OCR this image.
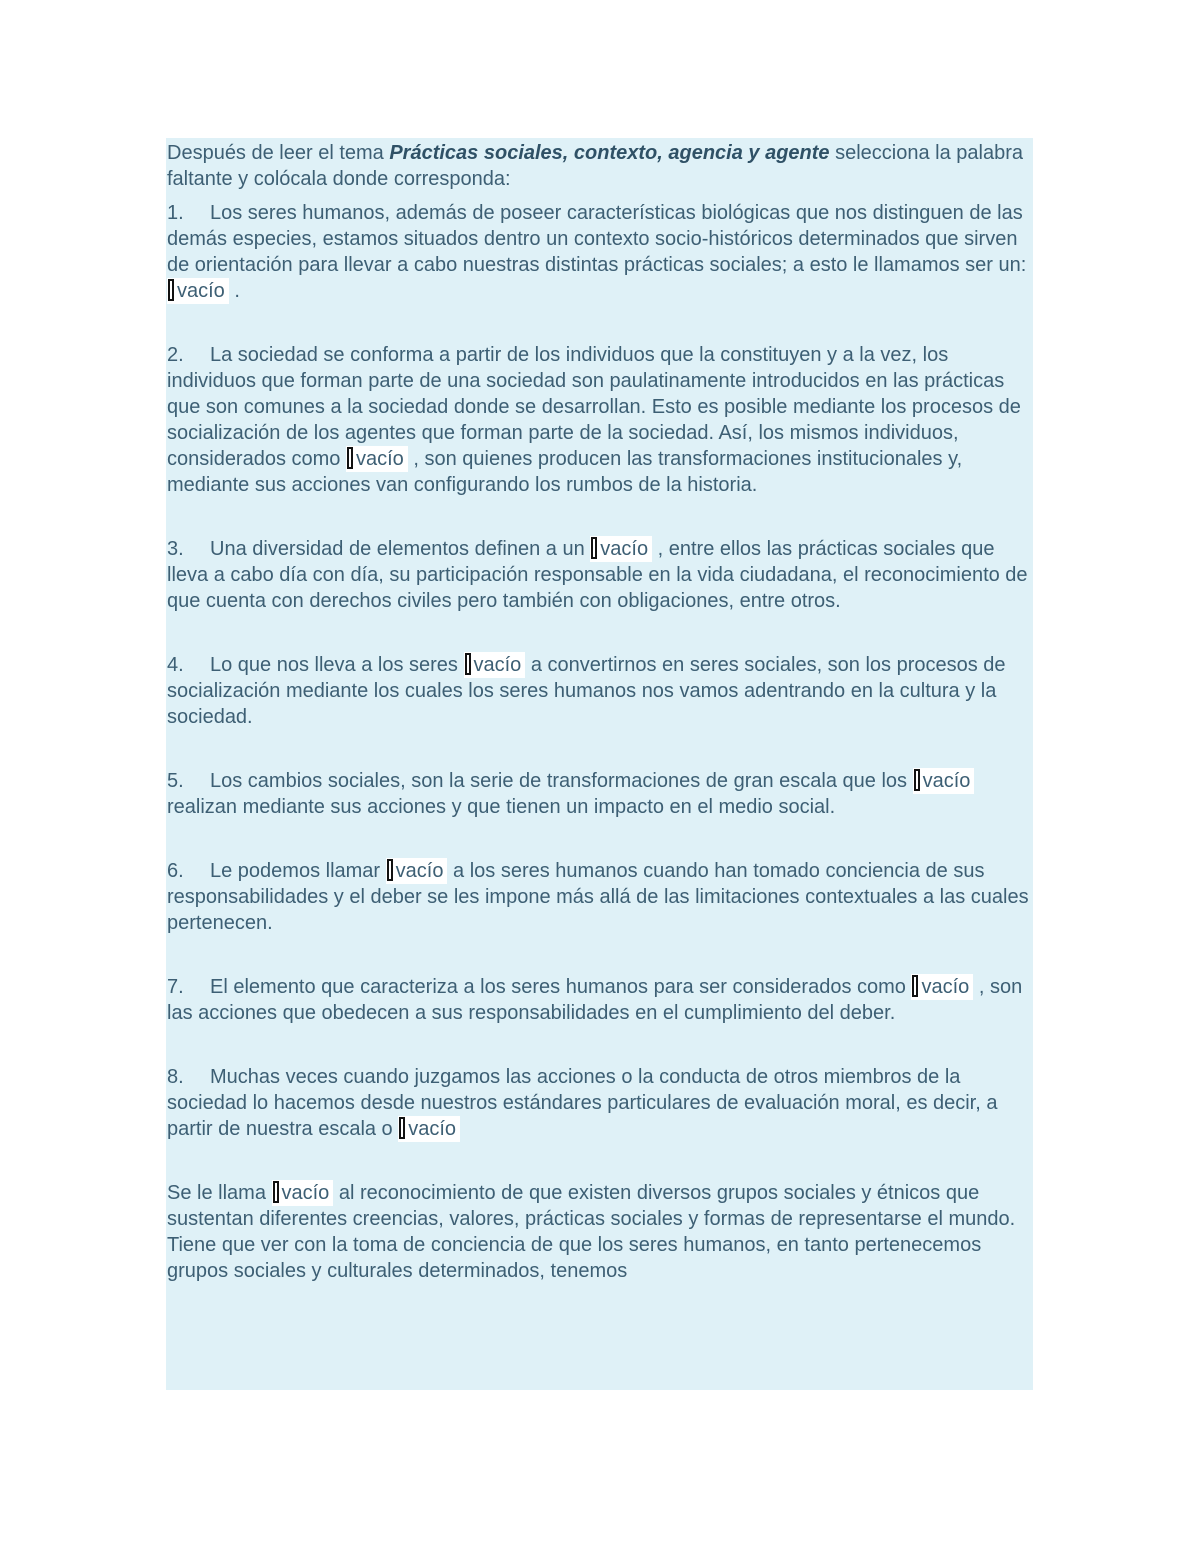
Después de leer el tema Prácticas sociales, contexto, agencia y agente selecciona la palabra faltante y colócala donde corresponda:

1. Los seres humanos, además de poseer características biológicas que nos distinguen de las demás especies, estamos situados dentro un contexto socio-históricos determinados que sirven de orientación para llevar a cabo nuestras distintas prácticas sociales; a esto le llamamos ser un:
vacío .

2. La sociedad se conforma a partir de los individuos que la constituyen y a la vez, los individuos que forman parte de una sociedad son paulatinamente introducidos en las prácticas que son comunes a la sociedad donde se desarrollan. Esto es posible mediante los procesos de socialización de los agentes que forman parte de la sociedad. Así, los mismos individuos, considerados como
vacío , son quienes producen las transformaciones institucionales y, mediante sus acciones van configurando los rumbos de la historia.

3. Una diversidad de elementos definen a un
vacío , entre ellos las prácticas sociales que lleva a cabo día con día, su participación responsable en la vida ciudadana, el reconocimiento de que cuenta con derechos civiles pero también con obligaciones, entre otros.

4. Lo que nos lleva a los seres
vacío a convertirnos en seres sociales, son los procesos de socialización mediante los cuales los seres humanos nos vamos adentrando en la cultura y la sociedad.

5. Los cambios sociales, son la serie de transformaciones de gran escala que los
vacío realizan mediante sus acciones y que tienen un impacto en el medio social.

6. Le podemos llamar
vacío a los seres humanos cuando han tomado conciencia de sus responsabilidades y el deber se les impone más allá de las limitaciones contextuales a las cuales pertenecen.

7. El elemento que caracteriza a los seres humanos para ser considerados como
vacío , son las acciones que obedecen a sus responsabilidades en el cumplimiento del deber.

8. Muchas veces cuando juzgamos las acciones o la conducta de otros miembros de la sociedad lo hacemos desde nuestros estándares particulares de evaluación moral, es decir, a partir de nuestra escala o
vacío

Se le llama
vacío al reconocimiento de que existen diversos grupos sociales y étnicos que sustentan diferentes creencias, valores, prácticas sociales y formas de representarse el mundo. Tiene que ver con la toma de conciencia de que los seres humanos, en tanto pertenecemos grupos sociales y culturales determinados, tenemos
